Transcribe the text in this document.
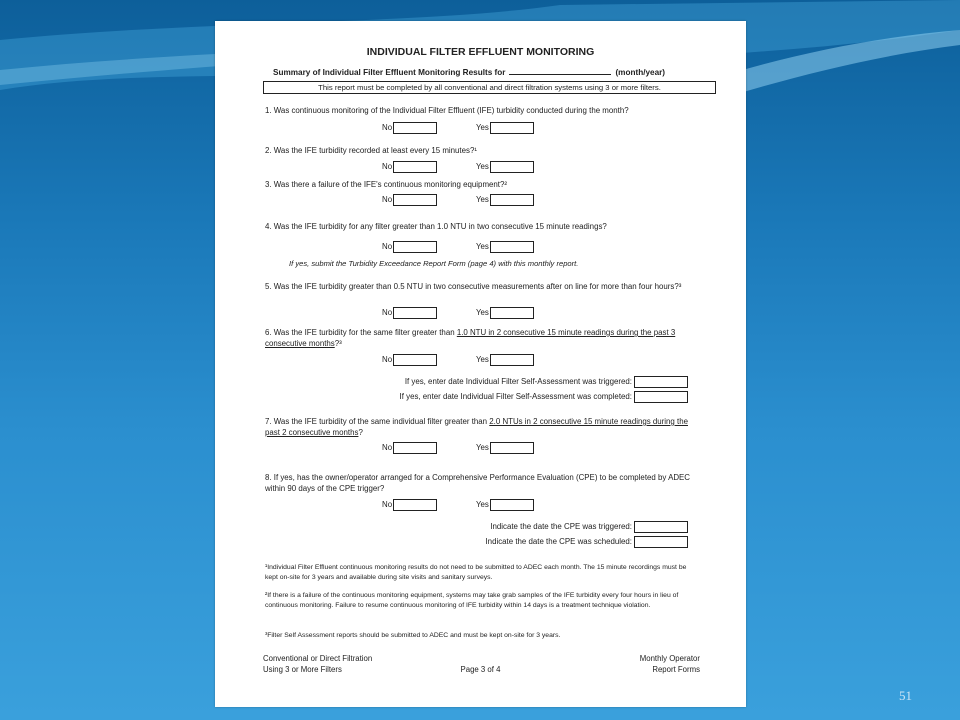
51
INDIVIDUAL FILTER EFFLUENT MONITORING
Summary of Individual Filter Effluent Monitoring Results for	(month/year)
This report must be completed by all conventional and direct filtration systems using 3 or more filters.
1. Was continuous monitoring of the Individual Filter Effluent (IFE) turbidity conducted during the month?
No	Yes
2. Was the IFE turbidity recorded at least every 15 minutes?¹
No	Yes
3. Was there a failure of the IFE's continuous monitoring equipment?²
No	Yes
4. Was the IFE turbidity for any filter greater than 1.0 NTU in two consecutive 15 minute readings?
No	Yes
If yes, submit the Turbidity Exceedance Report Form (page 4) with this monthly report.
5. Was the IFE turbidity greater than 0.5 NTU in two consecutive measurements after on line for more than four hours?³
No	Yes
6. Was the IFE turbidity for the same filter greater than 1.0 NTU in 2 consecutive 15 minute readings during the past 3 consecutive months?³
No	Yes
If yes, enter date Individual Filter Self-Assessment was triggered:
If yes, enter date Individual Filter Self-Assessment was completed:
7. Was the IFE turbidity of the same individual filter greater than 2.0 NTUs in 2 consecutive 15 minute readings during the past 2 consecutive months?
No	Yes
8. If yes, has the owner/operator arranged for a Comprehensive Performance Evaluation (CPE) to be completed by ADEC within 90 days of the CPE trigger?
No	Yes
Indicate the date the CPE was triggered:
Indicate the date the CPE was scheduled:
¹Individual Filter Effluent continuous monitoring results do not need to be submitted to ADEC each month. The 15 minute recordings must be kept on-site for 3 years and available during site visits and sanitary surveys.
²If there is a failure of the continuous monitoring equipment, systems may take grab samples of the IFE turbidity every four hours in lieu of continuous monitoring. Failure to resume continuous monitoring of IFE turbidity within 14 days is a treatment technique violation.
³Filter Self Assessment reports should be submitted to ADEC and must be kept on-site for 3 years.
Conventional or Direct Filtration
Using 3 or More Filters	Page 3 of 4
Monthly Operator
Report Forms
